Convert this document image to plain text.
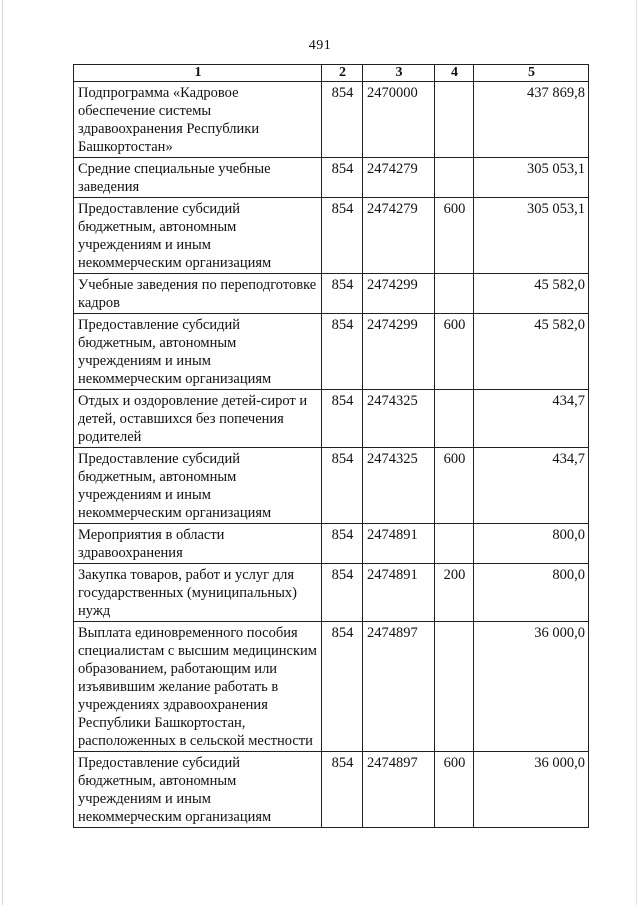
491
1	2	3	4	5
Подпрограмма «Кадровое обеспечение системы здравоохранения Республики Башкортостан»	854	2470000		437 869,8
Средние специальные учебные заведения	854	2474279		305 053,1
Предоставление субсидий бюджетным, автономным учреждениям и иным некоммерческим организациям	854	2474279	600	305 053,1
Учебные заведения по переподготовке кадров	854	2474299		45 582,0
Предоставление субсидий бюджетным, автономным учреждениям и иным некоммерческим организациям	854	2474299	600	45 582,0
Отдых и оздоровление детей-сирот и детей, оставшихся без попечения родителей	854	2474325		434,7
Предоставление субсидий бюджетным, автономным учреждениям и иным некоммерческим организациям	854	2474325	600	434,7
Мероприятия в области здравоохранения	854	2474891		800,0
Закупка товаров, работ и услуг для государственных (муниципальных) нужд	854	2474891	200	800,0
Выплата единовременного пособия специалистам с высшим медицинским образованием, работающим или изъявившим желание работать в учреждениях здравоохранения Республики Башкортостан, расположенных в сельской местности	854	2474897		36 000,0
Предоставление субсидий бюджетным, автономным учреждениям и иным некоммерческим организациям	854	2474897	600	36 000,0
